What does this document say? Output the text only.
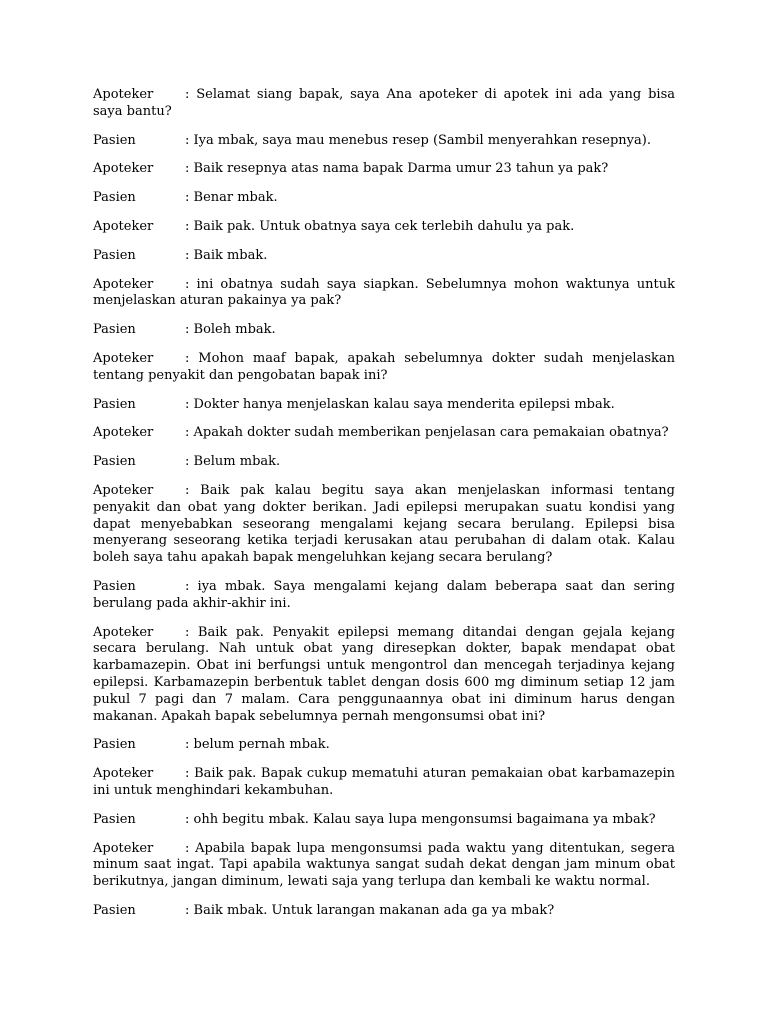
Apoteker : Selamat siang bapak, saya Ana apoteker di apotek ini ada yang bisa saya bantu?

Pasien	: Iya mbak, saya mau menebus resep (Sambil menyerahkan resepnya).

Apoteker : Baik resepnya atas nama bapak Darma umur 23 tahun ya pak?

Pasien	: Benar mbak.

Apoteker : Baik pak. Untuk obatnya saya cek terlebih dahulu ya pak.

Pasien	: Baik mbak.

Apoteker : ini obatnya sudah saya siapkan. Sebelumnya mohon waktunya untuk menjelaskan aturan pakainya ya pak?

Pasien	: Boleh mbak.

Apoteker : Mohon maaf bapak, apakah sebelumnya dokter sudah menjelaskan tentang penyakit dan pengobatan bapak ini?

Pasien	: Dokter hanya menjelaskan kalau saya menderita epilepsi mbak.

Apoteker : Apakah dokter sudah memberikan penjelasan cara pemakaian obatnya?

Pasien	: Belum mbak.

Apoteker : Baik pak kalau begitu saya akan menjelaskan informasi tentang penyakit dan obat yang dokter berikan. Jadi epilepsi merupakan suatu kondisi yang dapat menyebabkan seseorang mengalami kejang secara berulang. Epilepsi bisa menyerang seseorang ketika terjadi kerusakan atau perubahan di dalam otak. Kalau boleh saya tahu apakah bapak mengeluhkan kejang secara berulang?

Pasien	: iya mbak. Saya mengalami kejang dalam beberapa saat dan sering berulang pada akhir-akhir ini.

Apoteker : Baik pak. Penyakit epilepsi memang ditandai dengan gejala kejang secara berulang. Nah untuk obat yang diresepkan dokter, bapak mendapat obat karbamazepin. Obat ini berfungsi untuk mengontrol dan mencegah terjadinya kejang epilepsi. Karbamazepin berbentuk tablet dengan dosis 600 mg diminum setiap 12 jam pukul 7 pagi dan 7 malam. Cara penggunaannya obat ini diminum harus dengan makanan. Apakah bapak sebelumnya pernah mengonsumsi obat ini?

Pasien	: belum pernah mbak.

Apoteker : Baik pak. Bapak cukup mematuhi aturan pemakaian obat karbamazepin ini untuk menghindari kekambuhan.

Pasien	: ohh begitu mbak. Kalau saya lupa mengonsumsi bagaimana ya mbak?

Apoteker : Apabila bapak lupa mengonsumsi pada waktu yang ditentukan, segera minum saat ingat. Tapi apabila waktunya sangat sudah dekat dengan jam minum obat berikutnya, jangan diminum, lewati saja yang terlupa dan kembali ke waktu normal.

Pasien	: Baik mbak. Untuk larangan makanan ada ga ya mbak?
